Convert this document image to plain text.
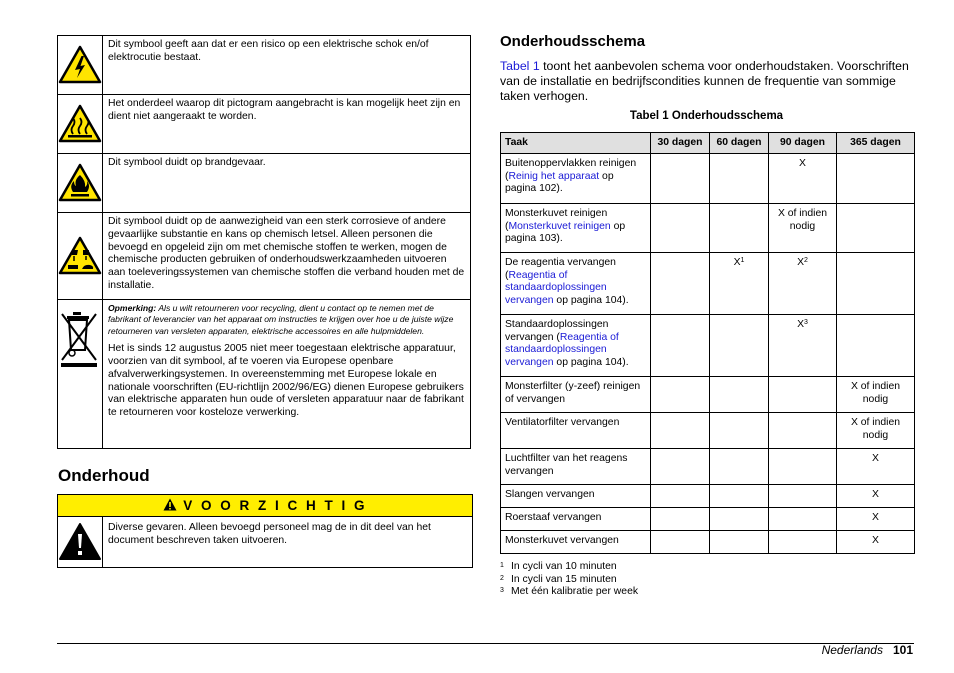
	Dit symbool geeft aan dat er een risico op een elektrische schok en/of elektrocutie bestaat.

	Het onderdeel waarop dit pictogram aangebracht is kan mogelijk heet zijn en dient niet aangeraakt te worden.

	Dit symbool duidt op brandgevaar.

	Dit symbool duidt op de aanwezigheid van een sterk corrosieve of andere gevaarlijke substantie en kans op chemisch letsel. Alleen personen die bevoegd en opgeleid zijn om met chemische stoffen te werken, mogen de chemische producten gebruiken of onderhoudswerkzaamheden uitvoeren aan toeleveringssystemen van chemische stoffen die verband houden met de installatie.

Opmerking: Als u wilt retourneren voor recycling, dient u contact op te nemen met de fabrikant of leverancier van het apparaat om instructies te krijgen over hoe u de juiste wijze retourneren van versleten apparaten, elektrische accessoires en alle hulpmiddelen.
Het is sinds 12 augustus 2005 niet meer toegestaan elektrische apparatuur, voorzien van dit symbool, af te voeren via Europese openbare afvalverwerkingsystemen. In overeenstemming met Europese lokale en nationale voorschriften (EU-richtlijn 2002/96/EG) dienen Europese gebruikers van elektrische apparaten hun oude of versleten apparatuur naar de fabrikant te retourneren voor kosteloze verwerking.
Onderhoud
V O O R Z I C H T I G
Diverse gevaren. Alleen bevoegd personeel mag de in dit deel van het document beschreven taken uitvoeren.
Onderhoudsschema
Tabel 1 toont het aanbevolen schema voor onderhoudstaken. Voorschriften van de installatie en bedrijfscondities kunnen de frequentie van sommige taken verhogen.
Tabel 1 Onderhoudsschema
Taak	30 dagen	60 dagen	90 dagen	365 dagen
Buitenoppervlakken reinigen (Reinig het apparaat op pagina 102).			X	
Monsterkuvet reinigen (Monsterkuvet reinigen op pagina 103).			X of indien nodig	
De reagentia vervangen (Reagentia of standaardoplossingen vervangen op pagina 104).		$X^1$	$X^2$	
Standaardoplossingen vervangen (Reagentia of standaardoplossingen vervangen op pagina 104).			$X^3$	
Monsterfilter (y-zeef) reinigen of vervangen				X of indien nodig
Ventilatorfilter vervangen				X of indien nodig
Luchtfilter van het reagens vervangen				X
Slangen vervangen				X
Roerstaaf vervangen				X
Monsterkuvet vervangen				X
1 In cycli van 10 minuten
2 In cycli van 15 minuten
3 Met één kalibratie per week
Nederlands 101
